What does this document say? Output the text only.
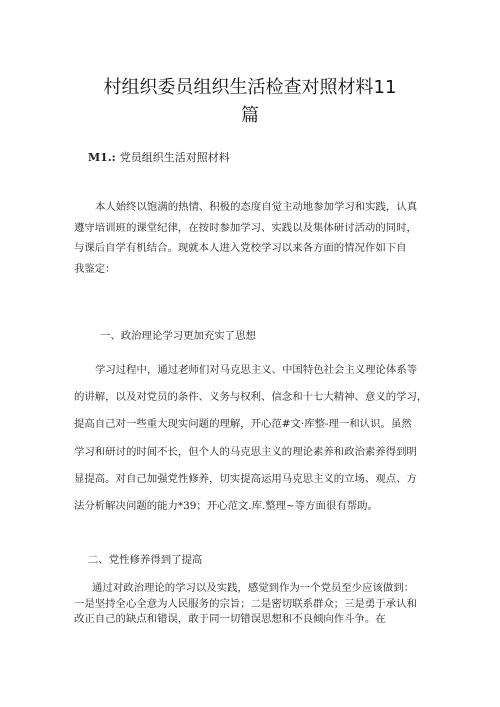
村组织委员组织生活检查对照材料11
篇
M1.: 党员组织生活对照材料

本人始终以饱满的热情、积极的态度自觉主动地参加学习和实践，认真
遵守培训班的课堂纪律，在按时参加学习、实践以及集体研讨活动的同时，
与课后自学有机结合。现就本人进入党校学习以来各方面的情况作如下自
我鉴定：

一、政治理论学习更加充实了思想

学习过程中，通过老师们对马克思主义、中国特色社会主义理论体系等
的讲解，以及对党员的条件、义务与权利、信念和十七大精神、意义的学习，
提高自己对一些重大现实问题的理解，开心范#文·库整-理一和认识。虽然
学习和研讨的时间不长，但个人的马克思主义的理论素养和政治素养得到明
显提高。对自己加强党性修养，切实提高运用马克思主义的立场、观点、方
法分析解决问题的能力*39；开心范文.库.整理~等方面很有帮助。

二、党性修养得到了提高

通过对政治理论的学习以及实践，感觉到作为一个党员至少应该做到：
一是坚持全心全意为人民服务的宗旨；二是密切联系群众；三是勇于承认和
改正自己的缺点和错误，敢于同一切错误思想和不良倾向作斗争。在
